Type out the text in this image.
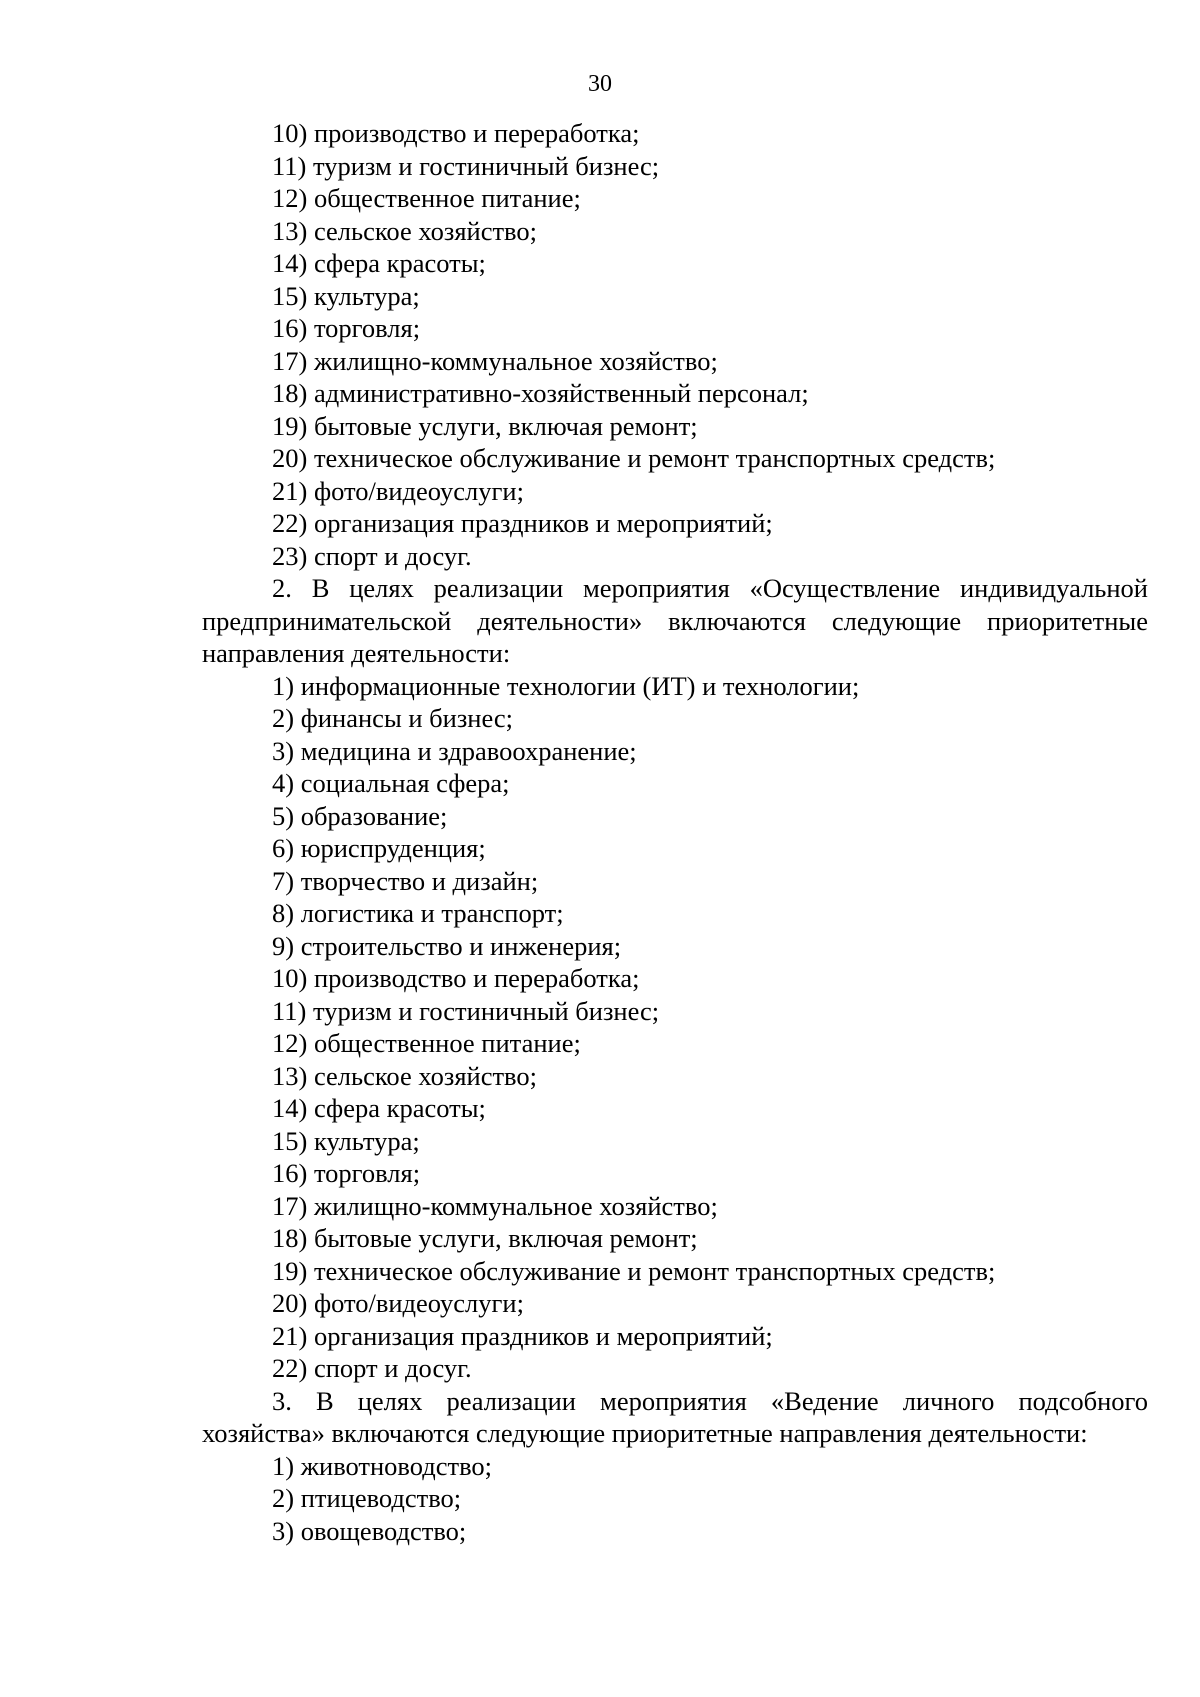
30

10) производство и переработка;

11) туризм и гостиничный бизнес;

12) общественное питание;

13) сельское хозяйство;

14) сфера красоты;

15) культура;

16) торговля;

17) жилищно-коммунальное хозяйство;

18) административно-хозяйственный персонал;

19) бытовые услуги, включая ремонт;

20) техническое обслуживание и ремонт транспортных средств;

21) фото/видеоуслуги;

22) организация праздников и мероприятий;

23) спорт и досуг.

2. В целях реализации мероприятия «Осуществление индивидуальной предпринимательской деятельности» включаются следующие приоритетные направления деятельности:

1) информационные технологии (ИТ) и технологии;

2) финансы и бизнес;

3) медицина и здравоохранение;

4) социальная сфера;

5) образование;

6) юриспруденция;

7) творчество и дизайн;

8) логистика и транспорт;

9) строительство и инженерия;

10) производство и переработка;

11) туризм и гостиничный бизнес;

12) общественное питание;

13) сельское хозяйство;

14) сфера красоты;

15) культура;

16) торговля;

17) жилищно-коммунальное хозяйство;

18) бытовые услуги, включая ремонт;

19) техническое обслуживание и ремонт транспортных средств;

20) фото/видеоуслуги;

21) организация праздников и мероприятий;

22) спорт и досуг.

3. В целях реализации мероприятия «Ведение личного подсобного хозяйства» включаются следующие приоритетные направления деятельности:

1) животноводство;

2) птицеводство;

3) овощеводство;
